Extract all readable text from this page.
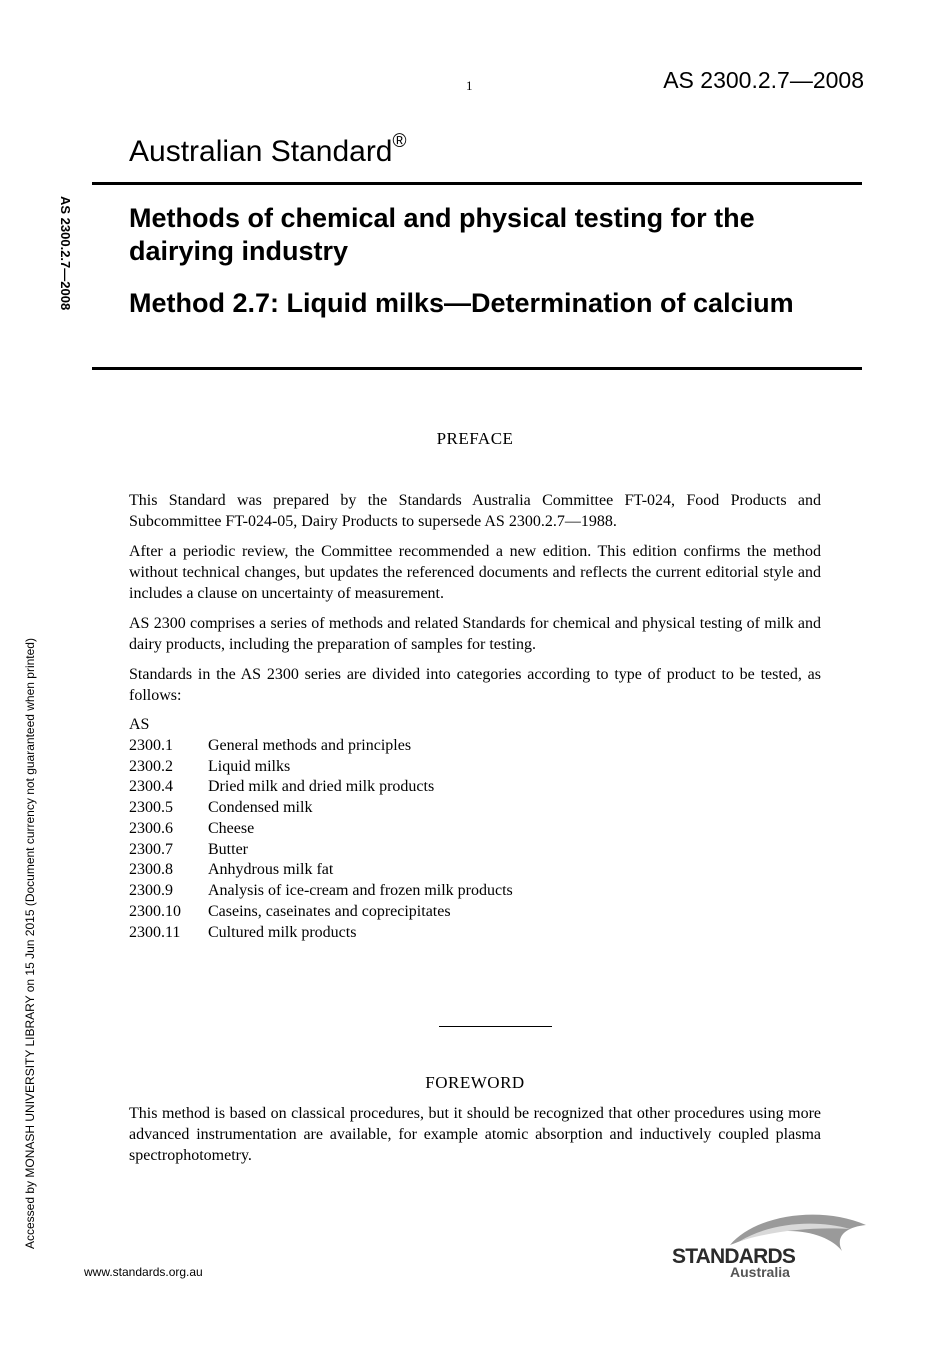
1	AS 2300.2.7—2008
Australian Standard®
Methods of chemical and physical testing for the dairying industry
Method 2.7: Liquid milks—Determination of calcium
AS 2300.2.7—2008
Accessed by MONASH UNIVERSITY LIBRARY on 15 Jun 2015 (Document currency not guaranteed when printed)
PREFACE

This Standard was prepared by the Standards Australia Committee FT-024, Food Products and Subcommittee FT-024-05, Dairy Products to supersede AS 2300.2.7—1988.

After a periodic review, the Committee recommended a new edition. This edition confirms the method without technical changes, but updates the referenced documents and reflects the current editorial style and includes a clause on uncertainty of measurement.

AS 2300 comprises a series of methods and related Standards for chemical and physical testing of milk and dairy products, including the preparation of samples for testing.

Standards in the AS 2300 series are divided into categories according to type of product to be tested, as follows:

AS
2300.1 General methods and principles
2300.2 Liquid milks
2300.4 Dried milk and dried milk products
2300.5 Condensed milk
2300.6 Cheese
2300.7 Butter
2300.8 Anhydrous milk fat
2300.9 Analysis of ice-cream and frozen milk products
2300.10 Caseins, caseinates and coprecipitates
2300.11 Cultured milk products
FOREWORD

This method is based on classical procedures, but it should be recognized that other procedures using more advanced instrumentation are available, for example atomic absorption and inductively coupled plasma spectrophotometry.

www.standards.org.au
STANDARDS
Australia
